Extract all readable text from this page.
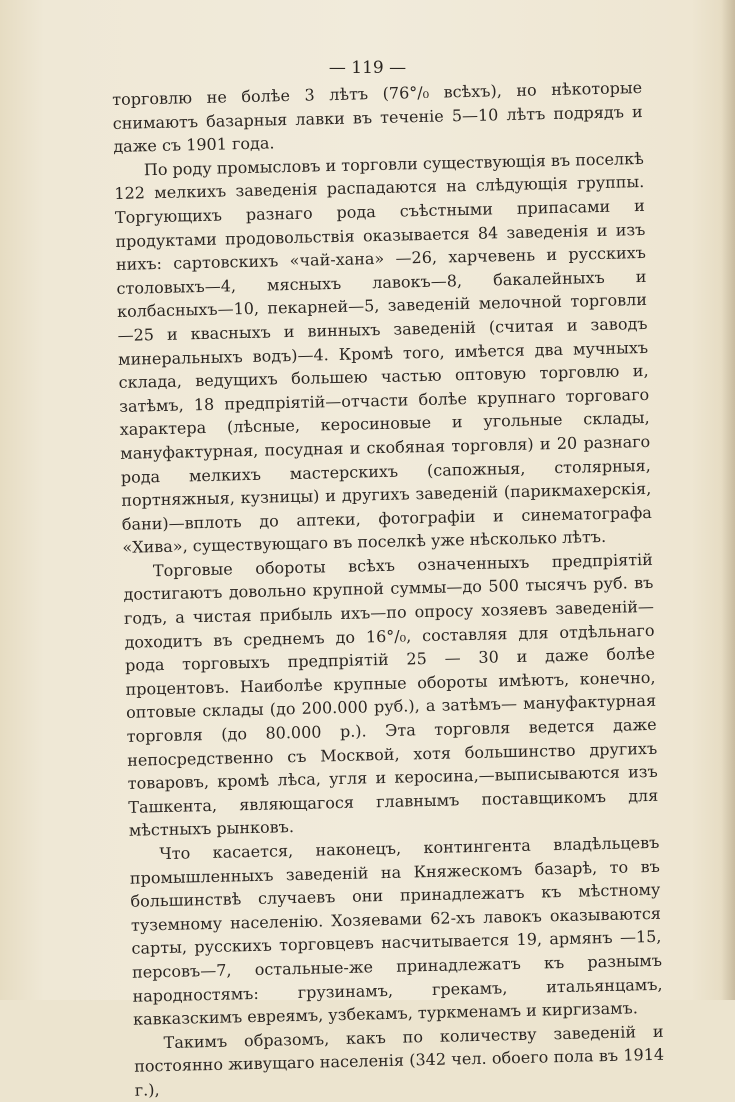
— 119 —

торговлю не болѣе 3 лѣтъ (76°/₀ всѣхъ), но нѣкоторые снимаютъ базарныя лавки въ теченіе 5—10 лѣтъ подрядъ и даже съ 1901 года.

По роду промысловъ и торговли существующія въ поселкѣ 122 мелкихъ заведенія распадаются на слѣдующія группы. Торгующихъ разнаго рода съѣстными припасами и продуктами продовольствія оказывается 84 заведенія и изъ нихъ: сартовскихъ «чай-хана» —26, харчевень и русскихъ столовыхъ—4, мясныхъ лавокъ—8, бакалейныхъ и колбасныхъ—10, пекарней—5, заведеній мелочной торговли—25 и квасныхъ и винныхъ заведеній (считая и заводъ минеральныхъ водъ)—4. Кромѣ того, имѣется два мучныхъ склада, ведущихъ большею частью оптовую торговлю и, затѣмъ, 18 предпріятій—отчасти болѣе крупнаго торговаго характера (лѣсные, керосиновые и угольные склады, мануфактурная, посудная и скобяная торговля) и 20 разнаго рода мелкихъ мастерскихъ (сапожныя, столярныя, портняжныя, кузницы) и другихъ заведеній (парикмахерскія, бани)—вплоть до аптеки, фотографіи и синематографа «Хива», существующаго въ поселкѣ уже нѣсколько лѣтъ.

Торговые обороты всѣхъ означенныхъ предпріятій достигаютъ довольно крупной суммы—до 500 тысячъ руб. въ годъ, а чистая прибыль ихъ—по опросу хозяевъ заведеній—доходитъ въ среднемъ до 16°/₀, составляя для отдѣльнаго рода торговыхъ предпріятій 25 — 30 и даже болѣе процентовъ. Наиболѣе крупные обороты имѣютъ, конечно, оптовые склады (до 200.000 руб.), а затѣмъ— мануфактурная торговля (до 80.000 р.). Эта торговля ведется даже непосредственно съ Москвой, хотя большинство другихъ товаровъ, кромѣ лѣса, угля и керосина,—выписываются изъ Ташкента, являющагося главнымъ поставщикомъ для мѣстныхъ рынковъ.

Что касается, наконецъ, контингента владѣльцевъ промышленныхъ заведеній на Княжескомъ базарѣ, то въ большинствѣ случаевъ они принадлежатъ къ мѣстному туземному населенію. Хозяевами 62-хъ лавокъ оказываются сарты, русскихъ торговцевъ насчитывается 19, армянъ —15, персовъ—7, остальные-же принадлежатъ къ разнымъ народностямъ: грузинамъ, грекамъ, итальянцамъ, кавказскимъ евреямъ, узбекамъ, туркменамъ и киргизамъ.

Такимъ образомъ, какъ по количеству заведеній и постоянно живущаго населенія (342 чел. обоего пола въ 1914 г.),
